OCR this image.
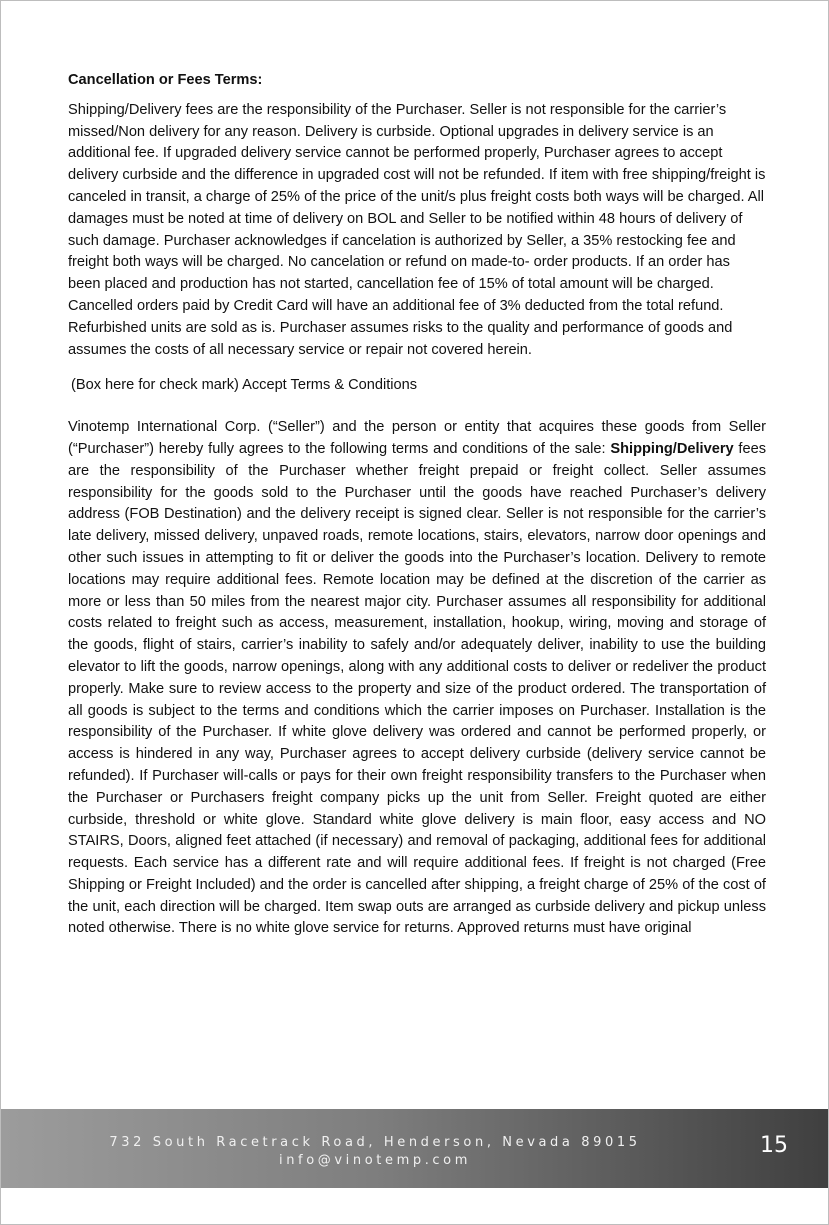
Cancellation or Fees Terms:

Shipping/Delivery fees are the responsibility of the Purchaser. Seller is not responsible for the carrier’s missed/Non delivery for any reason. Delivery is curbside. Optional upgrades in delivery service is an additional fee. If upgraded delivery service cannot be performed properly, Purchaser agrees to accept delivery curbside and the difference in upgraded cost will not be refunded. If item with free shipping/freight is canceled in transit, a charge of 25% of the price of the unit/s plus freight costs both ways will be charged. All damages must be noted at time of delivery on BOL and Seller to be notified within 48 hours of delivery of such damage. Purchaser acknowledges if cancelation is authorized by Seller, a 35% restocking fee and freight both ways will be charged. No cancelation or refund on made-to- order products. If an order has been placed and production has not started, cancellation fee of 15% of total amount will be charged. Cancelled orders paid by Credit Card will have an additional fee of 3% deducted from the total refund. Refurbished units are sold as is. Purchaser assumes risks to the quality and performance of goods and assumes the costs of all necessary service or repair not covered herein.

(Box here for check mark) Accept Terms & Conditions

Vinotemp International Corp. (“Seller”) and the person or entity that acquires these goods from Seller (“Purchaser”) hereby fully agrees to the following terms and conditions of the sale: Shipping/Delivery fees are the responsibility of the Purchaser whether freight prepaid or freight collect. Seller assumes responsibility for the goods sold to the Purchaser until the goods have reached Purchaser’s delivery address (FOB Destination) and the delivery receipt is signed clear. Seller is not responsible for the carrier’s late delivery, missed delivery, unpaved roads, remote locations, stairs, elevators, narrow door openings and other such issues in attempting to fit or deliver the goods into the Purchaser’s location. Delivery to remote locations may require additional fees. Remote location may be defined at the discretion of the carrier as more or less than 50 miles from the nearest major city. Purchaser assumes all responsibility for additional costs related to freight such as access, measurement, installation, hookup, wiring, moving and storage of the goods, flight of stairs, carrier’s inability to safely and/or adequately deliver, inability to use the building elevator to lift the goods, narrow openings, along with any additional costs to deliver or redeliver the product properly. Make sure to review access to the property and size of the product ordered. The transportation of all goods is subject to the terms and conditions which the carrier imposes on Purchaser. Installation is the responsibility of the Purchaser. If white glove delivery was ordered and cannot be performed properly, or access is hindered in any way, Purchaser agrees to accept delivery curbside (delivery service cannot be refunded). If Purchaser will-calls or pays for their own freight responsibility transfers to the Purchaser when the Purchaser or Purchasers freight company picks up the unit from Seller. Freight quoted are either curbside, threshold or white glove. Standard white glove delivery is main floor, easy access and NO STAIRS, Doors, aligned feet attached (if necessary) and removal of packaging, additional fees for additional requests. Each service has a different rate and will require additional fees. If freight is not charged (Free Shipping or Freight Included) and the order is cancelled after shipping, a freight charge of 25% of the cost of the unit, each direction will be charged. Item swap outs are arranged as curbside delivery and pickup unless noted otherwise. There is no white glove service for returns. Approved returns must have original

732 South Racetrack Road, Henderson, Nevada 89015
info@vinotemp.com
15
